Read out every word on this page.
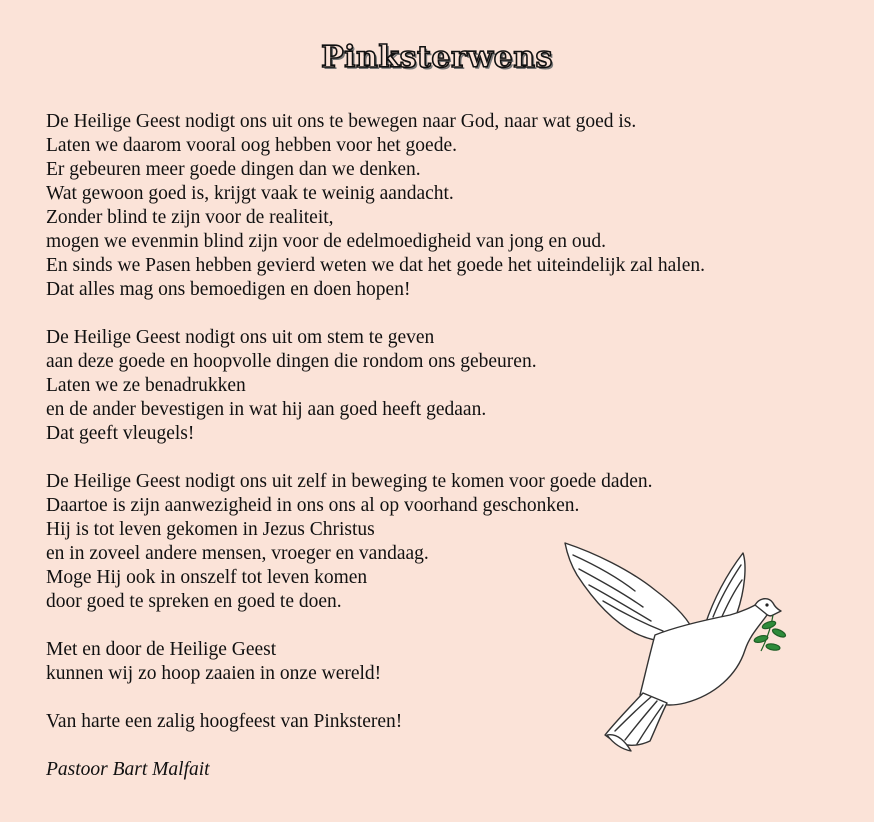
Pinksterwens
De Heilige Geest nodigt ons uit ons te bewegen naar God, naar wat goed is.
Laten we daarom vooral oog hebben voor het goede.
Er gebeuren meer goede dingen dan we denken.
Wat gewoon goed is, krijgt vaak te weinig aandacht.
Zonder blind te zijn voor de realiteit,
mogen we evenmin blind zijn voor de edelmoedigheid van jong en oud.
En sinds we Pasen hebben gevierd weten we dat het goede het uiteindelijk zal halen.
Dat alles mag ons bemoedigen en doen hopen!
De Heilige Geest nodigt ons uit om stem te geven
aan deze goede en hoopvolle dingen die rondom ons gebeuren.
Laten we ze benadrukken
en de ander bevestigen in wat hij aan goed heeft gedaan.
Dat geeft vleugels!
De Heilige Geest nodigt ons uit zelf in beweging te komen voor goede daden.
Daartoe is zijn aanwezigheid in ons ons al op voorhand geschonken.
Hij is tot leven gekomen in Jezus Christus
en in zoveel andere mensen, vroeger en vandaag.
Moge Hij ook in onszelf tot leven komen
door goed te spreken en goed te doen.
Met en door de Heilige Geest
kunnen wij zo hoop zaaien in onze wereld!
Van harte een zalig hoogfeest van Pinksteren!
Pastoor Bart Malfait
